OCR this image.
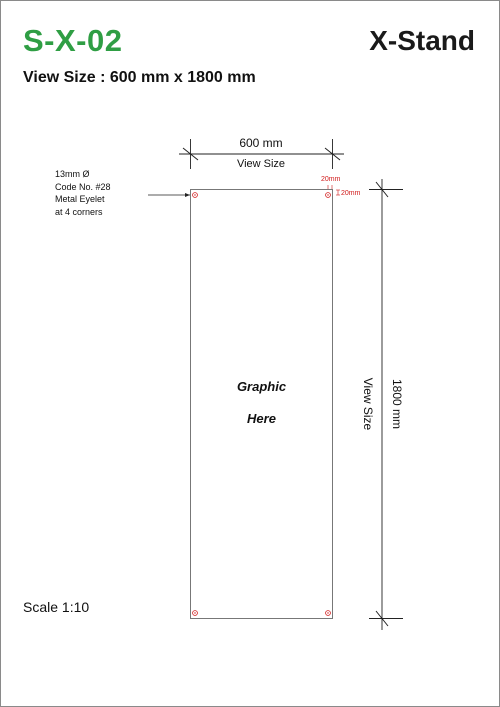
S-X-02	X-Stand
View Size : 600 mm x 1800 mm
13mm Ø
Code No. #28
Metal Eyelet
at 4 corners
600 mm
View Size
20mm
20mm
Graphic
Here	1800 mm
View Size
Scale 1:10
